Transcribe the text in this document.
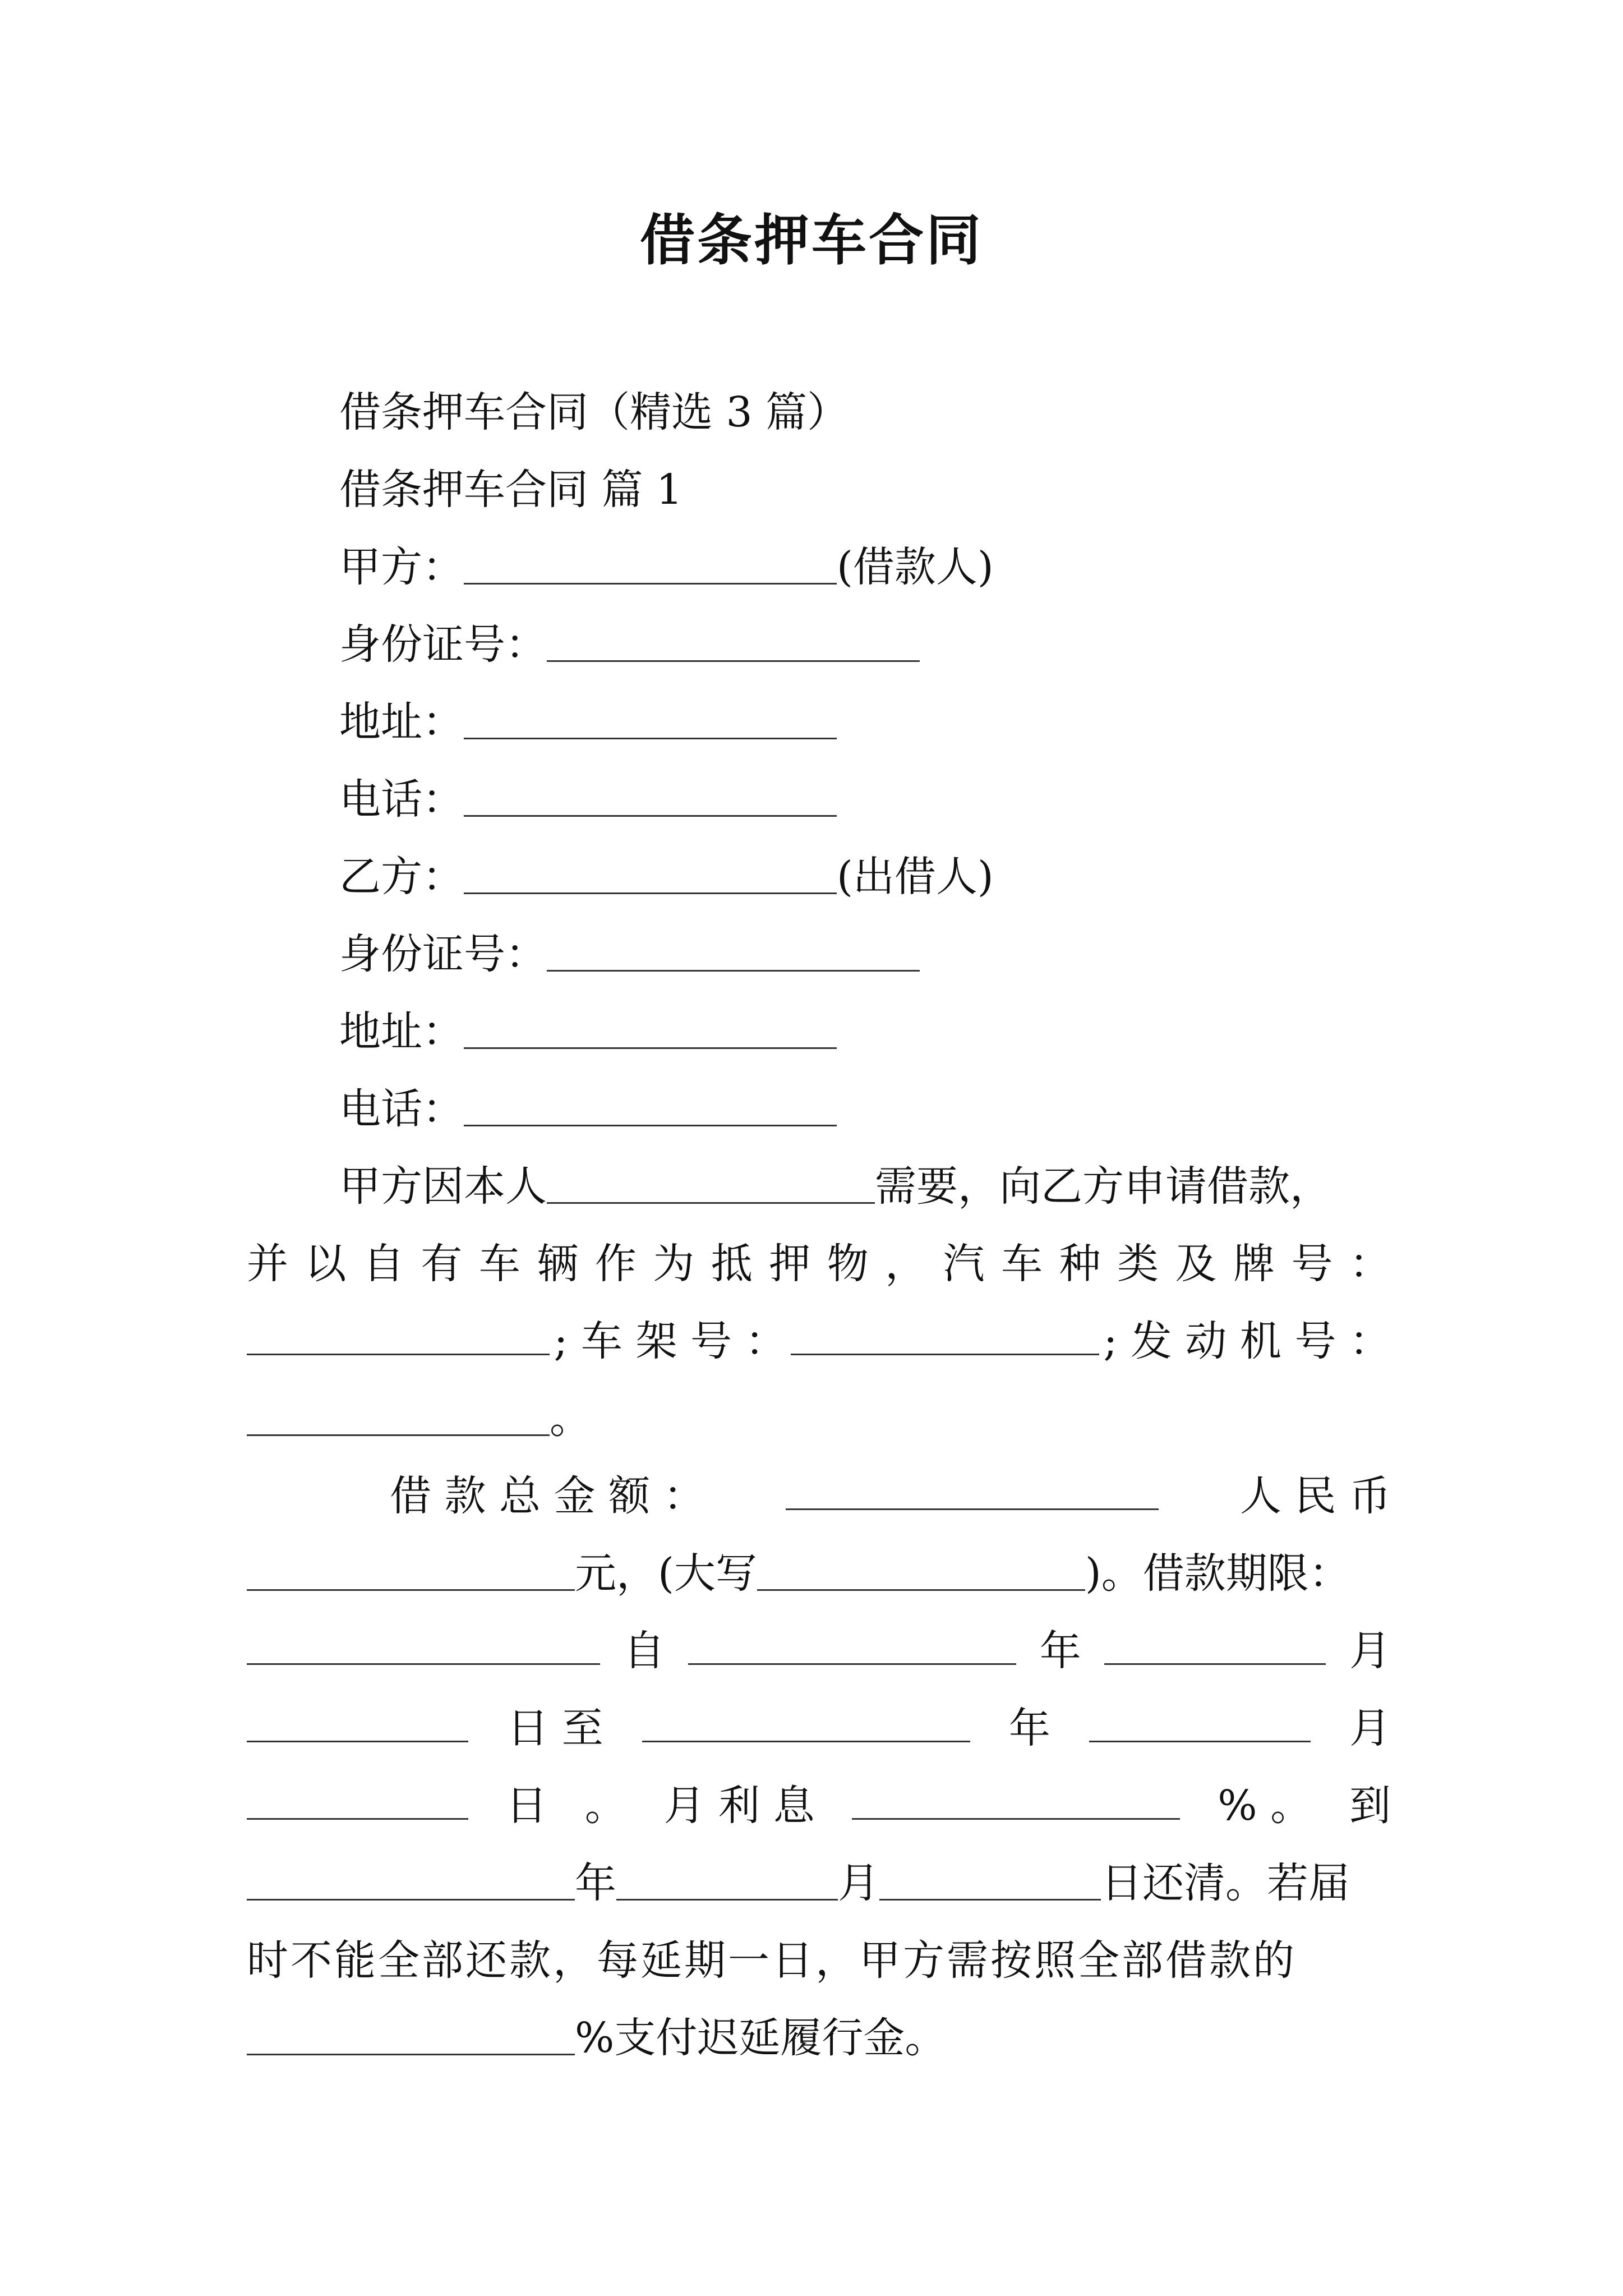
借条押车合同
借条押车合同（精选 3 篇）
借条押车合同 篇 1
甲方：	(借款人)
身份证号：
地址：
电话：
乙方：	(出借人)
身份证号：
地址：
电话：
甲方因本人	需要，向乙方申请借款，
并 以 自 有 车 辆 作 为 抵 押 物 ， 汽 车 种 类 及 牌 号 ：
; 车 架 号 ：	; 发 动 机 号 ：
。
借 款 总 金 额 ：	人 民 币
元，(大写	)。借款期限：
自	年	月
日 至	年	月
日 。 月 利 息	% 。 到
年	月	日还清。若届
时不能全部还款，每延期一日，甲方需按照全部借款的
%支付迟延履行金。
